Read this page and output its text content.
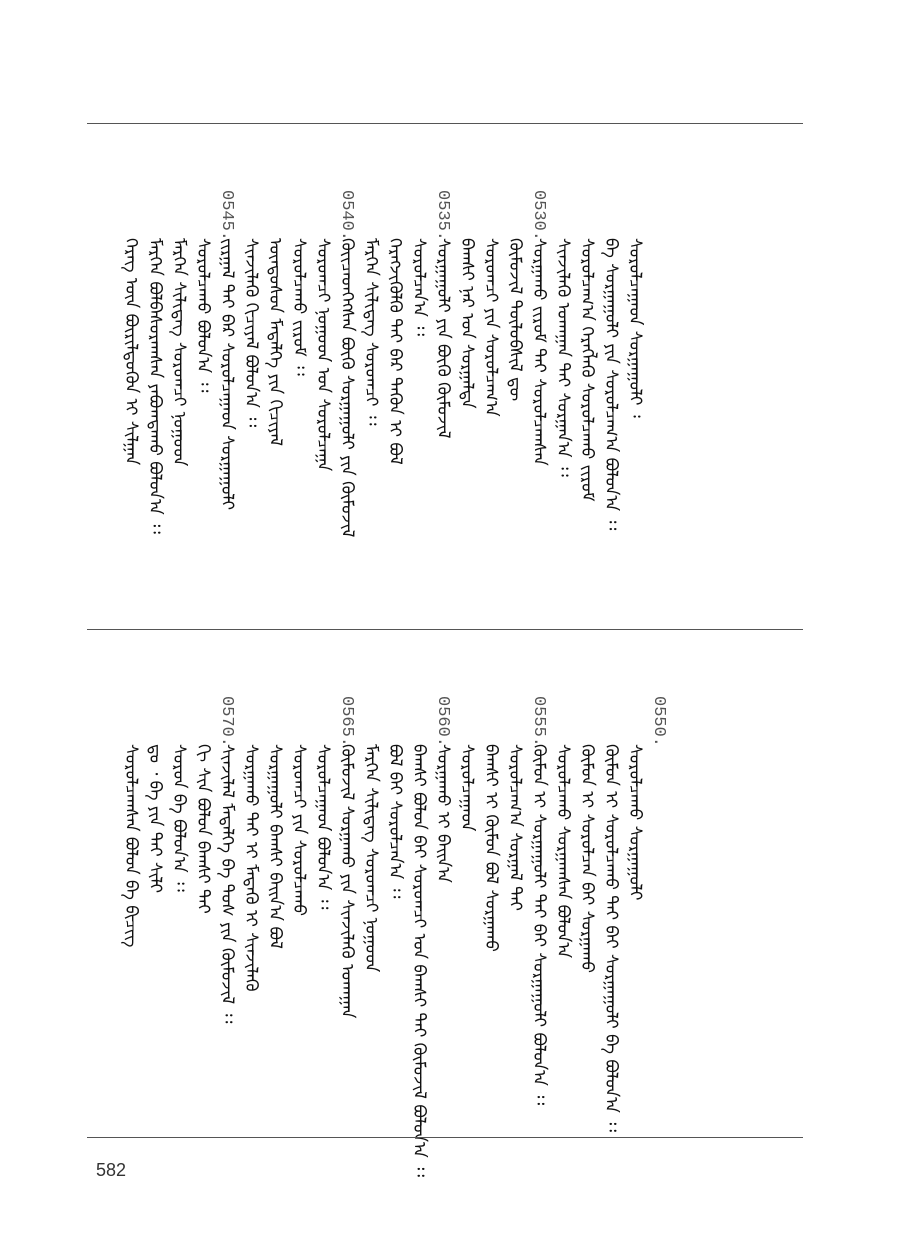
ᠬᠡᠷᠡᠭ ᠦᠨ ᠪᠦᠷᠢᠯᠳᠦᠬᠦᠨ ᠢ ᠰᠢᠯᠭᠠᠨ ᠮᠡᠷᠭᠡᠨ ᠪᠣᠯᠪᠠᠰᠤᠷᠠᠭᠰᠠᠨ ᠶᠠᠪᠤᠭᠳᠠᠬᠤ ᠪᠣᠯᠤᠨ᠎ᠠ ᠄᠄ ᠮᠡᠷᠭᠡᠨ ᠰᠢᠯᠢᠳᠡᠭ ᠰᠤᠷᠤᠭᠴᠢ ᠨᠤᠭᠤᠳ ᠰᠤᠷᠤᠯᠴᠠᠬᠤ ᠪᠣᠯᠤᠨ᠎ᠠ ᠄᠄ ᠵᠢᠷᠭᠠᠯ ᠲᠠᠢ ᠪᠠᠷ ᠰᠤᠷᠤᠯᠴᠠᠭᠠᠳ ᠰᠤᠷᠭᠠᠭᠤᠯᠢ ᠰᠢᠨᠵᠢᠯᠡᠬᠦ ᠬᠢᠴᠢᠶᠡᠯ ᠪᠣᠯᠤᠨ᠎ᠠ ᠄᠄ ᠦᠨᠳᠦᠰᠦᠨ ᠮᠡᠳᠡᠯᠭᠡ ᠶᠢᠨ ᠬᠢᠴᠢᠶᠡᠯ ᠰᠤᠷᠤᠯᠴᠠᠬᠤ ᠵᠢᠷᠤᠮ ᠄᠄ ᠰᠤᠷᠤᠭᠴᠢ ᠨᠤᠭᠤᠳ ᠤᠨ ᠰᠤᠷᠤᠯᠴᠠᠭᠠ ᠭᠦᠢᠴᠡᠳᠭᠡᠭᠰᠡᠨ ᠪᠦᠬᠦ ᠰᠤᠷᠭᠠᠭᠤᠯᠢ ᠶᠢᠨ ᠬᠦᠮᠦᠵᠢᠯ ᠮᠡᠷᠭᠡᠨ ᠰᠢᠯᠢᠳᠡᠭ ᠰᠤᠷᠤᠭᠴᠢ ᠄᠄ ᠬᠡᠷᠡᠭᠵᠢᠭᠦᠯᠬᠦ ᠲᠠᠢ ᠪᠠᠷ ᠲᠡᠭᠦᠨ ᠢ ᠪᠣᠯ ᠰᠤᠷᠤᠯᠴᠠᠨ᠎ᠠ ᠄᠄ ᠰᠤᠷᠭᠠᠭᠤᠯᠢ ᠶᠢᠨ ᠪᠦᠬᠦ ᠬᠦᠮᠦᠵᠢᠯ ᠪᠠᠭᠰᠢ ᠨᠠᠷ ᠤᠨ ᠰᠤᠷᠭᠠᠯᠲᠠ ᠰᠤᠷᠤᠭᠴᠢ ᠶᠢᠨ ᠰᠤᠷᠤᠯᠴᠠᠭ᠎ᠠ ᠬᠦᠮᠦᠵᠢᠯ ᠲᠥᠯᠥᠪᠰᠢᠯ ᠳᠦ ᠰᠤᠷᠭᠠᠬᠤ ᠵᠢᠷᠤᠮ ᠲᠠᠢ ᠰᠤᠷᠤᠯᠴᠠᠭᠰᠠᠨ ᠰᠢᠨᠵᠢᠯᠡᠬᠦ ᠤᠬᠠᠭᠠᠨ ᠲᠠᠢ ᠰᠤᠷᠭᠠᠨ᠎ᠠ ᠄᠄ ᠰᠤᠷᠤᠯᠴᠠᠭ᠎ᠠ ᠬᠡᠷᠡᠭᠯᠡᠬᠦ ᠰᠤᠷᠤᠯᠴᠠᠬᠤ ᠵᠢᠷᠤᠮ ᠪᠠ ᠰᠤᠷᠭᠠᠭᠤᠯᠢ ᠶᠢᠨ ᠰᠤᠷᠤᠯᠴᠠᠭ᠎ᠠ ᠪᠣᠯᠤᠨ᠎ᠠ ᠄᠄ ᠰᠤᠷᠤᠯᠴᠠᠭᠠᠳ ᠰᠤᠷᠭᠠᠭᠤᠯᠢ ᠄
0545.	0540.	0535.	0530.
ᠰᠤᠷᠤᠯᠴᠠᠭᠰᠠᠨ ᠪᠣᠯᠤᠨ ᠪᠠ ᠪᠢᠴᠢᠭ ᠳᠤ ᠂ ᠪᠠ ᠶᠢᠨ ᠲᠠᠢ ᠰᠢᠯᠢ ᠰᠤᠷᠤᠨ ᠪᠠ ᠪᠣᠯᠤᠨ᠎ᠠ ᠄᠄ ᠬᠢ ᠰᠢᠨ ᠪᠣᠯᠤᠨ ᠪᠠᠭᠰᠢ ᠲᠠᠢ ᠰᠢᠨᠵᠢᠯᠡᠯ ᠮᠡᠳᠡᠯᠭᠡ ᠪᠠ ᠲᠤᠰ ᠶᠢᠨ ᠬᠦᠮᠦᠵᠢᠯ ᠄᠄ ᠰᠤᠷᠭᠠᠬᠤ ᠲᠡᠢ ᠢ ᠮᠡᠳᠡᠬᠦ ᠢ ᠰᠢᠨᠵᠢᠯᠡᠬᠦ ᠰᠤᠷᠭᠠᠭᠤᠯᠢ ᠪᠠᠭᠰᠢ ᠪᠠᠢᠨ᠎ᠠ ᠪᠣᠯ ᠰᠤᠷᠤᠭᠴᠢ ᠶᠢᠨ ᠰᠤᠷᠤᠯᠴᠠᠬᠤ ᠰᠤᠷᠤᠯᠴᠠᠭᠠᠳ ᠪᠣᠯᠤᠨ᠎ᠠ ᠄᠄ ᠬᠦᠮᠦᠵᠢᠯ ᠰᠤᠷᠭᠠᠬᠤ ᠶᠢᠨ ᠰᠢᠨᠵᠢᠯᠡᠬᠦ ᠤᠬᠠᠭᠠᠨ ᠮᠡᠷᠭᠡᠨ ᠰᠢᠯᠢᠳᠡᠭ ᠰᠤᠷᠤᠭᠴᠢ ᠨᠤᠭᠤᠳ ᠪᠣᠯ ᠪᠠᠢ ᠰᠤᠷᠤᠯᠴᠠᠨ᠎ᠠ ᠄᠄ ᠪᠠᠭᠰᠢ ᠪᠣᠯᠤᠨ ᠪᠠᠢ ᠰᠤᠷᠤᠭᠴᠢ ᠤᠨ ᠪᠠᠭᠰᠢ ᠲᠠᠢ ᠬᠦᠮᠦᠵᠢᠯ ᠪᠣᠯᠤᠨ᠎ᠠ ᠄᠄ ᠰᠤᠷᠭᠠᠬᠤ ᠢ ᠪᠠᠢᠨ᠎ᠠ ᠰᠤᠷᠤᠯᠴᠠᠭᠠᠳ ᠪᠠᠭᠰᠢ ᠢ ᠬᠦᠮᠦᠨ ᠪᠣᠯ ᠰᠤᠷᠭᠠᠬᠤ ᠰᠤᠷᠤᠯᠴᠠᠭ᠎ᠠ ᠰᠤᠷᠭᠠᠯ ᠲᠠᠢ ᠬᠦᠮᠦᠨ ᠢ ᠰᠤᠷᠭᠠᠭᠤᠯᠢ ᠲᠠᠢ ᠪᠠᠢ ᠰᠤᠷᠭᠠᠭᠤᠯᠢ ᠪᠣᠯᠤᠨ᠎ᠠ ᠄᠄ ᠰᠤᠷᠤᠯᠴᠠᠬᠤ ᠰᠤᠷᠭᠠᠭᠰᠠᠨ ᠪᠣᠯᠤᠨ᠎ᠠ ᠬᠦᠮᠦᠨ ᠢ ᠰᠤᠷᠤᠯᠴᠠᠨ ᠪᠠᠢ ᠰᠤᠷᠭᠠᠬᠤ ᠬᠦᠮᠦᠨ ᠢ ᠰᠤᠷᠤᠯᠴᠠᠬᠤ ᠲᠠᠢ ᠪᠠᠢ ᠰᠤᠷᠭᠠᠭᠤᠯᠢ ᠪᠠ ᠪᠣᠯᠤᠨ᠎ᠠ ᠄᠄ ᠰᠤᠷᠤᠯᠴᠠᠬᠤ ᠰᠤᠷᠭᠠᠭᠤᠯᠢ
0570.	0565.	0560.	0555.	0550.
582
